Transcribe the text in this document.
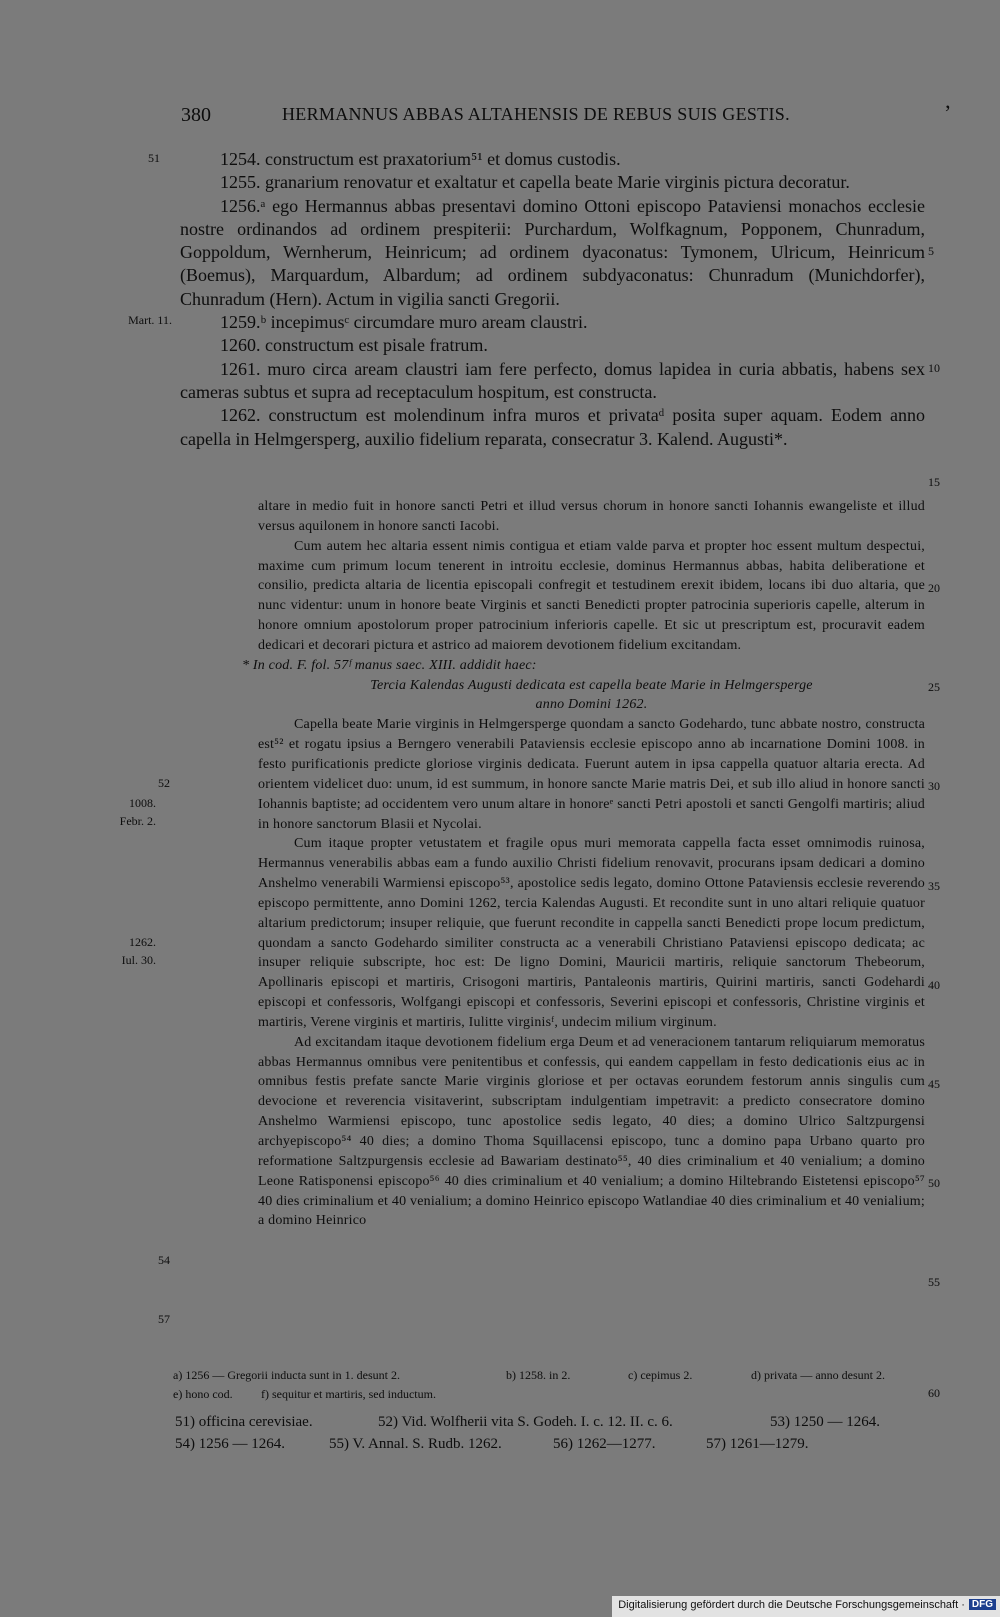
380	HERMANNUS ABBAS ALTAHENSIS DE REBUS SUIS GESTIS.	’

1254. constructum est praxatorium⁵¹ et domus custodis.

1255. granarium renovatur et exaltatur et capella beate Marie virginis pictura decoratur.

1256.ᵃ ego Hermannus abbas presentavi domino Ottoni episcopo Pataviensi monachos ecclesie nostre ordinandos ad ordinem prespiterii: Purchardum, Wolfkagnum, Popponem, Chunradum, Goppoldum, Wernherum, Heinricum; ad ordinem dyaconatus: Tymonem, Ulricum, Heinricum (Boemus), Marquardum, Albardum; ad ordinem subdyaconatus: Chunradum (Munichdorfer), Chunradum (Hern). Actum in vigilia sancti Gregorii.

1259.ᵇ incepimusᶜ circumdare muro aream claustri.

1260. constructum est pisale fratrum.

1261. muro circa aream claustri iam fere perfecto, domus lapidea in curia abbatis, habens sex cameras subtus et supra ad receptaculum hospitum, est constructa.

1262. constructum est molendinum infra muros et privataᵈ posita super aquam. Eodem anno capella in Helmgersperg, auxilio fidelium reparata, consecratur 3. Kalend. Augusti*.

altare in medio fuit in honore sancti Petri et illud versus chorum in honore sancti Iohannis ewangeliste et illud versus aquilonem in honore sancti Iacobi.

Cum autem hec altaria essent nimis contigua et etiam valde parva et propter hoc essent multum despectui, maxime cum primum locum tenerent in introitu ecclesie, dominus Hermannus abbas, habita deliberatione et consilio, predicta altaria de licentia episcopali confregit et testudinem erexit ibidem, locans ibi duo altaria, que nunc videntur: unum in honore beate Virginis et sancti Benedicti propter patrocinia superioris capelle, alterum in honore omnium apostolorum proper patrocinium inferioris capelle. Et sic ut prescriptum est, procuravit eadem dedicari et decorari pictura et astrico ad maiorem devotionem fidelium excitandam.

* In cod. F. fol. 57ᶠ manus saec. XIII. addidit haec:

Tercia Kalendas Augusti dedicata est capella beate Marie in Helmgersperge

anno Domini 1262.

Capella beate Marie virginis in Helmgersperge quondam a sancto Godehardo, tunc abbate nostro, constructa est⁵² et rogatu ipsius a Berngero venerabili Pataviensis ecclesie episcopo anno ab incarnatione Domini 1008. in festo purificationis predicte gloriose virginis dedicata. Fuerunt autem in ipsa cappella quatuor altaria erecta. Ad orientem videlicet duo: unum, id est summum, in honore sancte Marie matris Dei, et sub illo aliud in honore sancti Iohannis baptiste; ad occidentem vero unum altare in honoreᵉ sancti Petri apostoli et sancti Gengolfi martiris; aliud in honore sanctorum Blasii et Nycolai.

Cum itaque propter vetustatem et fragile opus muri memorata cappella facta esset omnimodis ruinosa, Hermannus venerabilis abbas eam a fundo auxilio Christi fidelium renovavit, procurans ipsam dedicari a domino Anshelmo venerabili Warmiensi episcopo⁵³, apostolice sedis legato, domino Ottone Pataviensis ecclesie reverendo episcopo permittente, anno Domini 1262, tercia Kalendas Augusti. Et recondite sunt in uno altari reliquie quatuor altarium predictorum; insuper reliquie, que fuerunt recondite in cappella sancti Benedicti prope locum predictum, quondam a sancto Godehardo similiter constructa ac a venerabili Christiano Pataviensi episcopo dedicata; ac insuper reliquie subscripte, hoc est: De ligno Domini, Mauricii martiris, reliquie sanctorum Thebeorum, Apollinaris episcopi et martiris, Crisogoni martiris, Pantaleonis martiris, Quirini martiris, sancti Godehardi episcopi et confessoris, Wolfgangi episcopi et confessoris, Severini episcopi et confessoris, Christine virginis et martiris, Verene virginis et martiris, Iulitte virginisᶠ, undecim milium virginum.

Ad excitandam itaque devotionem fidelium erga Deum et ad veneracionem tantarum reliquiarum memoratus abbas Hermannus omnibus vere penitentibus et confessis, qui eandem cappellam in festo dedicationis eius ac in omnibus festis prefate sancte Marie virginis gloriose et per octavas eorundem festorum annis singulis cum devocione et reverencia visitaverint, subscriptam indulgentiam impetravit: a predicto consecratore domino Anshelmo Warmiensi episcopo, tunc apostolice sedis legato, 40 dies; a domino Ulrico Saltzpurgensi archyepiscopo⁵⁴ 40 dies; a domino Thoma Squillacensi episcopo, tunc a domino papa Urbano quarto pro reformatione Saltzpurgensis ecclesie ad Bawariam destinato⁵⁵, 40 dies criminalium et 40 venialium; a domino Leone Ratisponensi episcopo⁵⁶ 40 dies criminalium et 40 venialium; a domino Hiltebrando Eistetensi episcopo⁵⁷ 40 dies criminalium et 40 venialium; a domino Heinrico episcopo Watlandiae 40 dies criminalium et 40 venialium; a domino Heinrico

51
Mart. 11.
52
1008.
Febr. 2.
1262.
Iul. 30.
54
57
5
10
15
20
25
30
35
40
45
50
55
60
a) 1256 — Gregorii inducta sunt in 1. desunt 2.	b) 1258. in 2.	c) cepimus 2.	d) privata — anno desunt 2.
e) hono cod. f) sequitur et martiris, sed inductum.
51) officina cerevisiae.	52) Vid. Wolfherii vita S. Godeh. I. c. 12. II. c. 6.	53) 1250 — 1264.
54) 1256 — 1264.	55) V. Annal. S. Rudb. 1262.	56) 1262—1277.	57) 1261—1279.
Digitalisierung gefördert durch die Deutsche Forschungsgemeinschaft · DFG
